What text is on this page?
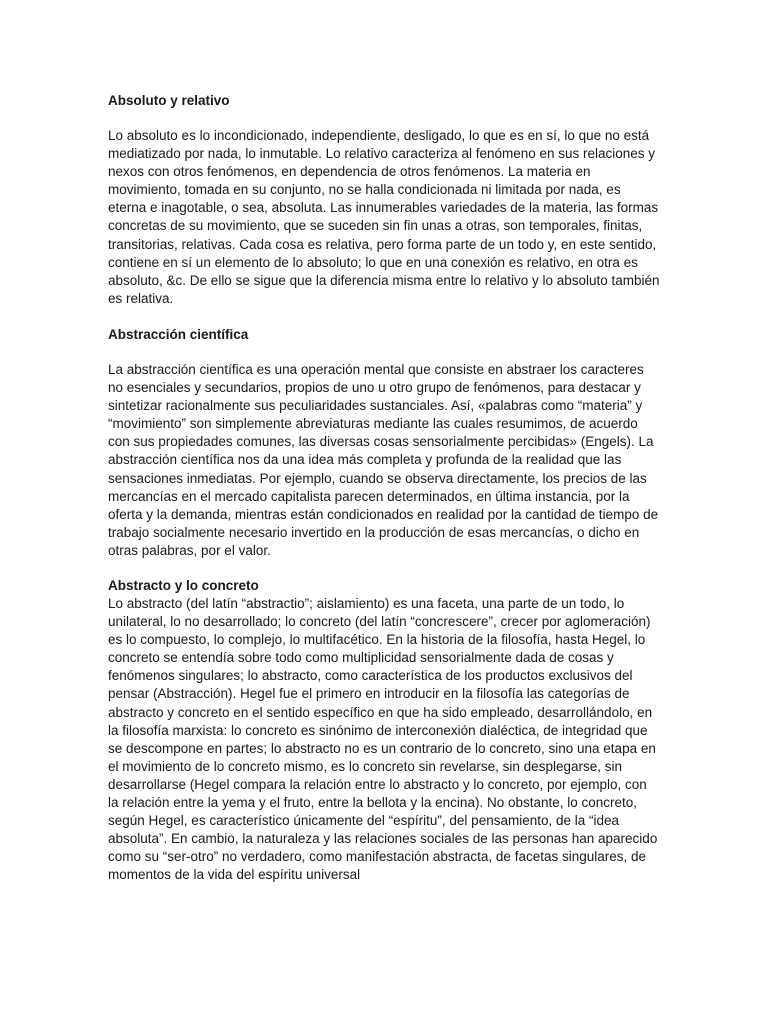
Absoluto y relativo

Lo absoluto es lo incondicionado, independiente, desligado, lo que es en sí, lo que no está mediatizado por nada, lo inmutable. Lo relativo caracteriza al fenómeno en sus relaciones y nexos con otros fenómenos, en dependencia de otros fenómenos. La materia en movimiento, tomada en su conjunto, no se halla condicionada ni limitada por nada, es eterna e inagotable, o sea, absoluta. Las innumerables variedades de la materia, las formas concretas de su movimiento, que se suceden sin fin unas a otras, son temporales, finitas, transitorias, relativas. Cada cosa es relativa, pero forma parte de un todo y, en este sentido, contiene en sí un elemento de lo absoluto; lo que en una conexión es relativo, en otra es absoluto, &c. De ello se sigue que la diferencia misma entre lo relativo y lo absoluto también es relativa.

Abstracción científica

La abstracción científica es una operación mental que consiste en abstraer los caracteres no esenciales y secundarios, propios de uno u otro grupo de fenómenos, para destacar y sintetizar racionalmente sus peculiaridades sustanciales. Así, «palabras como “materia” y “movimiento” son simplemente abreviaturas mediante las cuales resumimos, de acuerdo con sus propiedades comunes, las diversas cosas sensorialmente percibidas» (Engels). La abstracción científica nos da una idea más completa y profunda de la realidad que las sensaciones inmediatas. Por ejemplo, cuando se observa directamente, los precios de las mercancías en el mercado capitalista parecen determinados, en última instancia, por la oferta y la demanda, mientras están condicionados en realidad por la cantidad de tiempo de trabajo socialmente necesario invertido en la producción de esas mercancías, o dicho en otras palabras, por el valor.

Abstracto y lo concreto

Lo abstracto (del latín “abstractio”; aislamiento) es una faceta, una parte de un todo, lo unilateral, lo no desarrollado; lo concreto (del latín “concrescere”, crecer por aglomeración) es lo compuesto, lo complejo, lo multifacético. En la historia de la filosofía, hasta Hegel, lo concreto se entendía sobre todo como multiplicidad sensorialmente dada de cosas y fenómenos singulares; lo abstracto, como característica de los productos exclusivos del pensar (Abstracción). Hegel fue el primero en introducir en la filosofía las categorías de abstracto y concreto en el sentido específico en que ha sido empleado, desarrollándolo, en la filosofía marxista: lo concreto es sinónimo de interconexión dialéctica, de integridad que se descompone en partes; lo abstracto no es un contrario de lo concreto, sino una etapa en el movimiento de lo concreto mismo, es lo concreto sin revelarse, sin desplegarse, sin desarrollarse (Hegel compara la relación entre lo abstracto y lo concreto, por ejemplo, con la relación entre la yema y el fruto, entre la bellota y la encina). No obstante, lo concreto, según Hegel, es característico únicamente del “espíritu”, del pensamiento, de la “idea absoluta”. En cambio, la naturaleza y las relaciones sociales de las personas han aparecido como su “ser-otro” no verdadero, como manifestación abstracta, de facetas singulares, de momentos de la vida del espíritu universal
